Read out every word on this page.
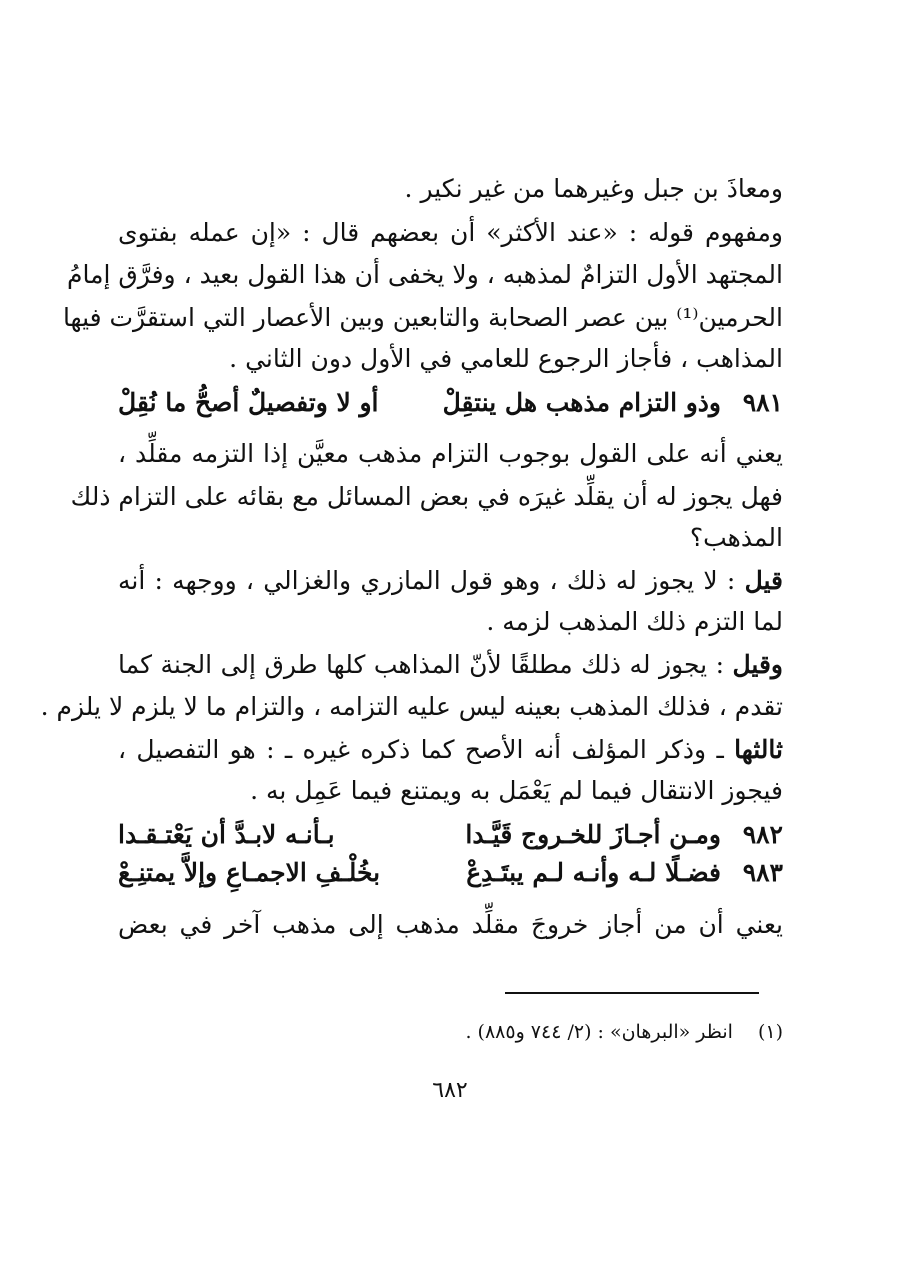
ومعاذَ بن جبل وغيرهما من غير نكير .
ومفهوم قوله : «عند الأكثر» أن بعضهم قال : «إن عمله بفتوى
المجتهد الأول التزامٌ لمذهبه ، ولا يخفى أن هذا القول بعيد ، وفرَّق إمامُ
الحرمين⁽¹⁾ بين عصر الصحابة والتابعين وبين الأعصار التي استقرَّت فيها
المذاهب ، فأجاز الرجوع للعامي في الأول دون الثاني .
٩٨١
وذو التزام مذهب هل ينتقِلْ
أو لا وتفصيلٌ أصحُّ ما نُقِلْ
يعني أنه على القول بوجوب التزام مذهب معيَّن إذا التزمه مقلِّد ،
فهل يجوز له أن يقلِّد غيرَه في بعض المسائل مع بقائه على التزام ذلك
المذهب؟
قيل : لا يجوز له ذلك ، وهو قول المازري والغزالي ، ووجهه : أنه
لما التزم ذلك المذهب لزمه .
وقيل : يجوز له ذلك مطلقًا لأنّ المذاهب كلها طرق إلى الجنة كما
تقدم ، فذلك المذهب بعينه ليس عليه التزامه ، والتزام ما لا يلزم لا يلزم .
ثالثها ـ وذكر المؤلف أنه الأصح كما ذكره غيره ـ : هو التفصيل ،
فيجوز الانتقال فيما لم يَعْمَل به ويمتنع فيما عَمِل به .
٩٨٢
ومـن أجـازَ للخـروج قَيَّـدا
بـأنـه لابـدَّ أن يَعْتـقـدا
٩٨٣
فضـلًا لـه وأنـه لـم يبتَـدِعْ
بخُلْـفِ الاجمـاعِ وإلاَّ يمتنِـعْ
يعني أن من أجاز خروجَ مقلِّد مذهب إلى مذهب آخر في بعض
(١) انظر «البرهان» : (٢/ ٧٤٤ و٨٨٥) .
٦٨٢
